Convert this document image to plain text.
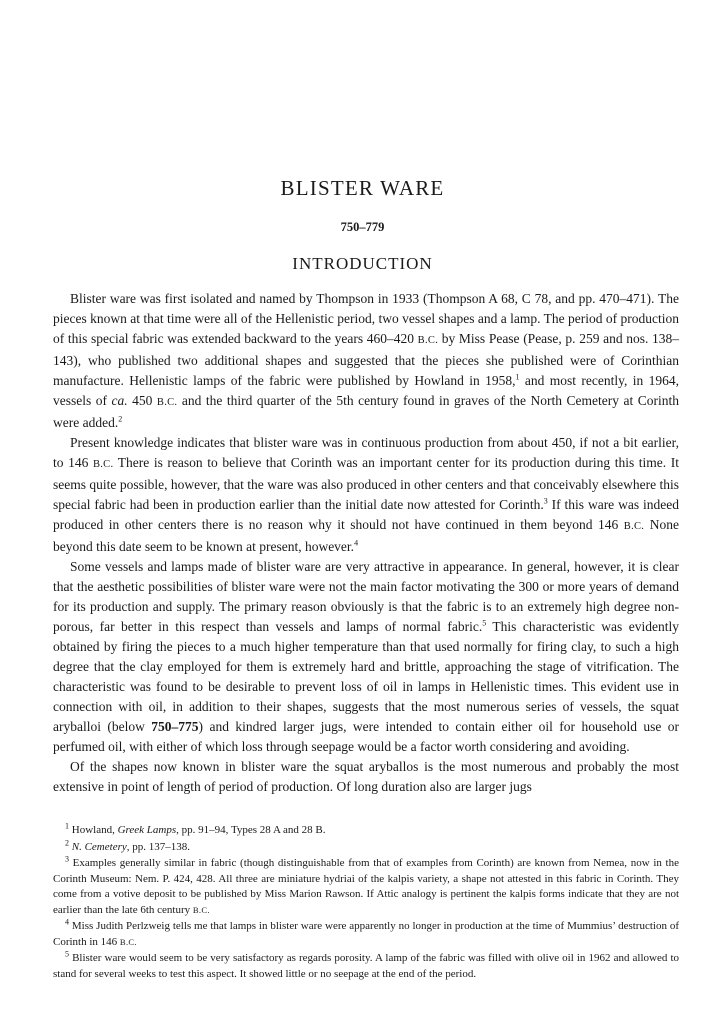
BLISTER WARE
750–779
INTRODUCTION

Blister ware was first isolated and named by Thompson in 1933 (Thompson A 68, C 78, and pp. 470–471). The pieces known at that time were all of the Hellenistic period, two vessel shapes and a lamp. The period of production of this special fabric was extended backward to the years 460–420 B.C. by Miss Pease (Pease, p. 259 and nos. 138–143), who published two additional shapes and suggested that the pieces she published were of Corinthian manufacture. Hellenistic lamps of the fabric were published by Howland in 1958,$^1$ and most recently, in 1964, vessels of ca. 450 B.C. and the third quarter of the 5th century found in graves of the North Cemetery at Corinth were added.$^2$

Present knowledge indicates that blister ware was in continuous production from about 450, if not a bit earlier, to 146 B.C. There is reason to believe that Corinth was an important center for its production during this time. It seems quite possible, however, that the ware was also produced in other centers and that conceivably elsewhere this special fabric had been in production earlier than the initial date now attested for Corinth.$^3$ If this ware was indeed produced in other centers there is no reason why it should not have continued in them beyond 146 B.C. None beyond this date seem to be known at present, however.$^4$

Some vessels and lamps made of blister ware are very attractive in appearance. In general, however, it is clear that the aesthetic possibilities of blister ware were not the main factor motivating the 300 or more years of demand for its production and supply. The primary reason obviously is that the fabric is to an extremely high degree non-porous, far better in this respect than vessels and lamps of normal fabric.$^5$ This characteristic was evidently obtained by firing the pieces to a much higher temperature than that used normally for firing clay, to such a high degree that the clay employed for them is extremely hard and brittle, approaching the stage of vitrification. The characteristic was found to be desirable to prevent loss of oil in lamps in Hellenistic times. This evident use in connection with oil, in addition to their shapes, suggests that the most numerous series of vessels, the squat aryballoi (below 750–775) and kindred larger jugs, were intended to contain either oil for household use or perfumed oil, with either of which loss through seepage would be a factor worth considering and avoiding.

Of the shapes now known in blister ware the squat aryballos is the most numerous and probably the most extensive in point of length of period of production. Of long duration also are larger jugs

$^1$ Howland, Greek Lamps, pp. 91–94, Types 28 A and 28 B.

$^2$ N. Cemetery, pp. 137–138.

$^3$ Examples generally similar in fabric (though distinguishable from that of examples from Corinth) are known from Nemea, now in the Corinth Museum: Nem. P. 424, 428. All three are miniature hydriai of the kalpis variety, a shape not attested in this fabric in Corinth. They come from a votive deposit to be published by Miss Marion Rawson. If Attic analogy is pertinent the kalpis forms indicate that they are not earlier than the late 6th century B.C.

$^4$ Miss Judith Perlzweig tells me that lamps in blister ware were apparently no longer in production at the time of Mummius’ destruction of Corinth in 146 B.C.

$^5$ Blister ware would seem to be very satisfactory as regards porosity. A lamp of the fabric was filled with olive oil in 1962 and allowed to stand for several weeks to test this aspect. It showed little or no seepage at the end of the period.
